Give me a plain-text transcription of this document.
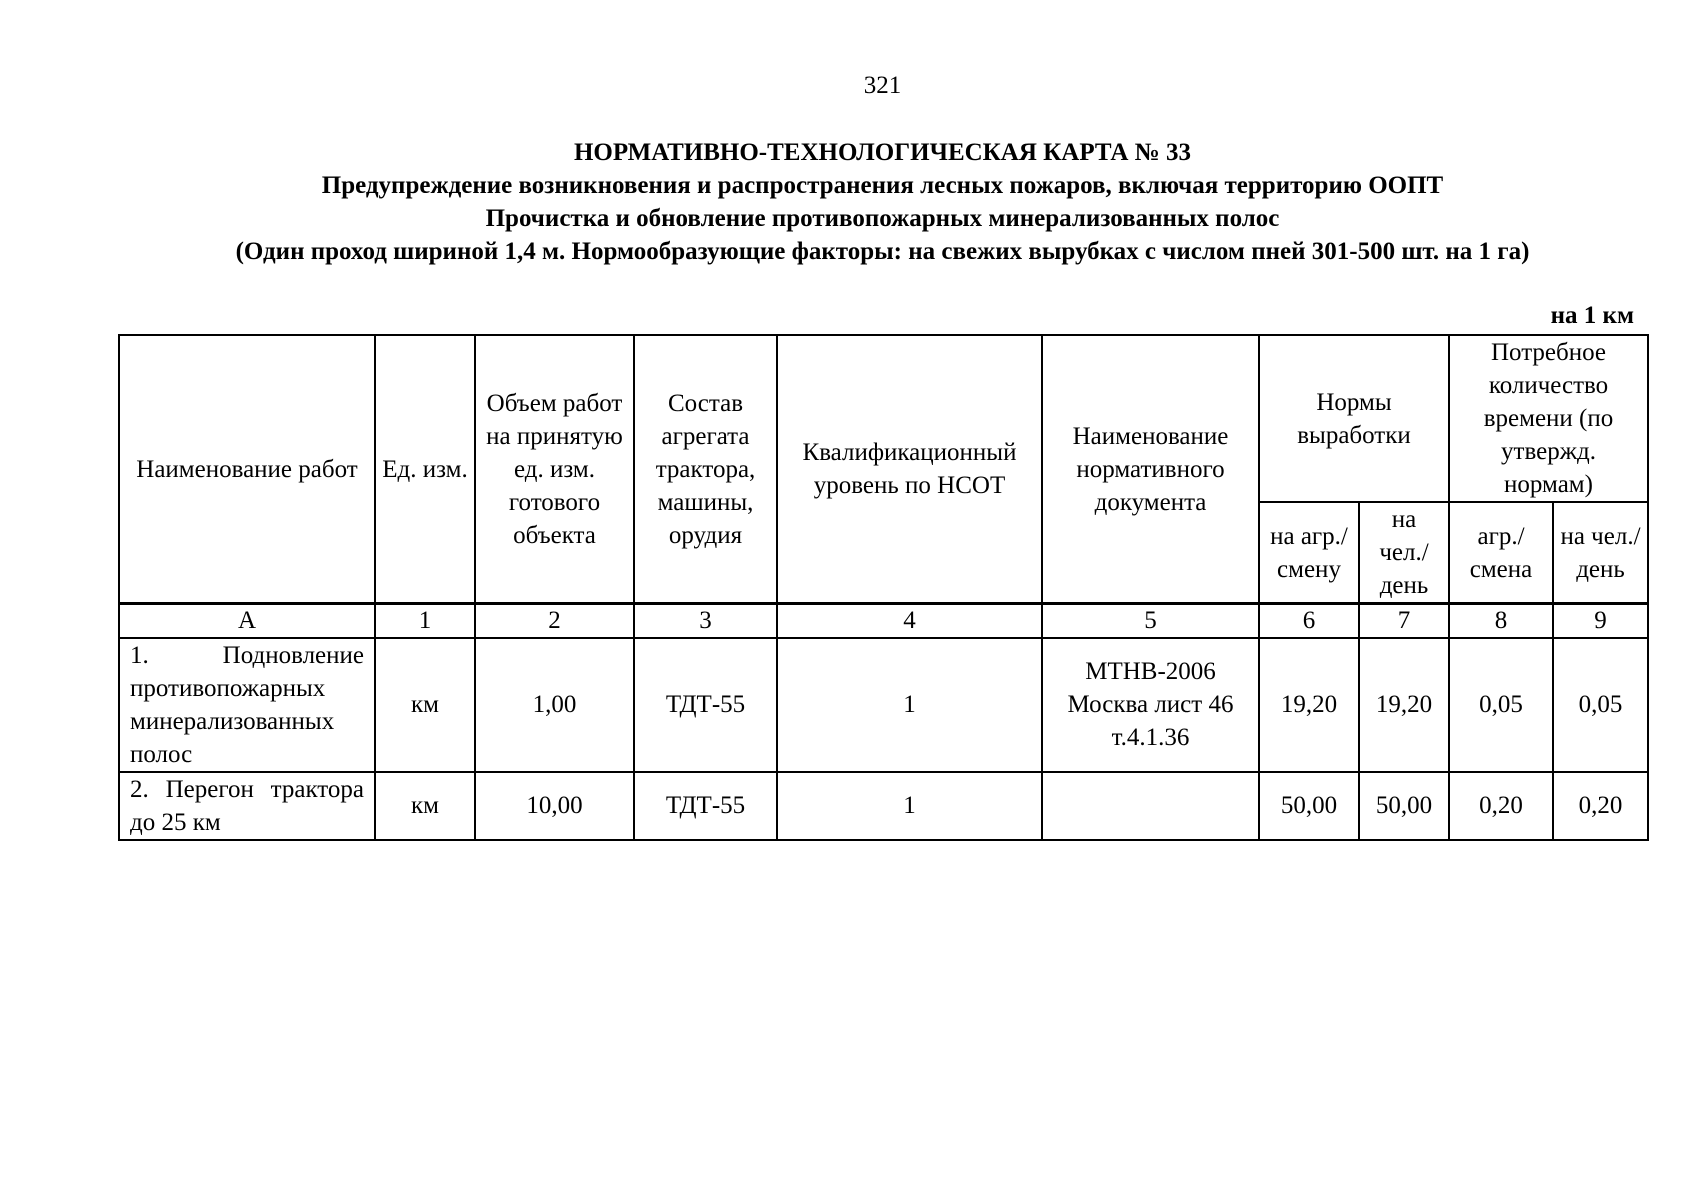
321
НОРМАТИВНО-ТЕХНОЛОГИЧЕСКАЯ КАРТА № 33
Предупреждение возникновения и распространения лесных пожаров, включая территорию ООПТ
Прочистка и обновление противопожарных минерализованных полос
(Один проход шириной 1,4 м. Нормообразующие факторы: на свежих вырубках с числом пней 301-500 шт. на 1 га)
на 1 км
Наименование работ	Ед. изм.	Объем работ на принятую ед. изм. готового объекта	Состав агрегата трактора, машины, орудия	Квалификационный уровень по НСОТ	Наименование нормативного документа	Нормы выработки		Потребное количество времени (по утвержд. нормам)	
						на агр./ смену	на чел./ день	агр./ смена	на чел./ день
А	1	2	3	4	5	6	7	8	9
1. Подновление противопожарных минерализованных полос	км	1,00	ТДТ-55	1	МТНВ-2006 Москва лист 46 т.4.1.36	19,20	19,20	0,05	0,05
2. Перегон трактора до 25 км	км	10,00	ТДТ-55	1		50,00	50,00	0,20	0,20
